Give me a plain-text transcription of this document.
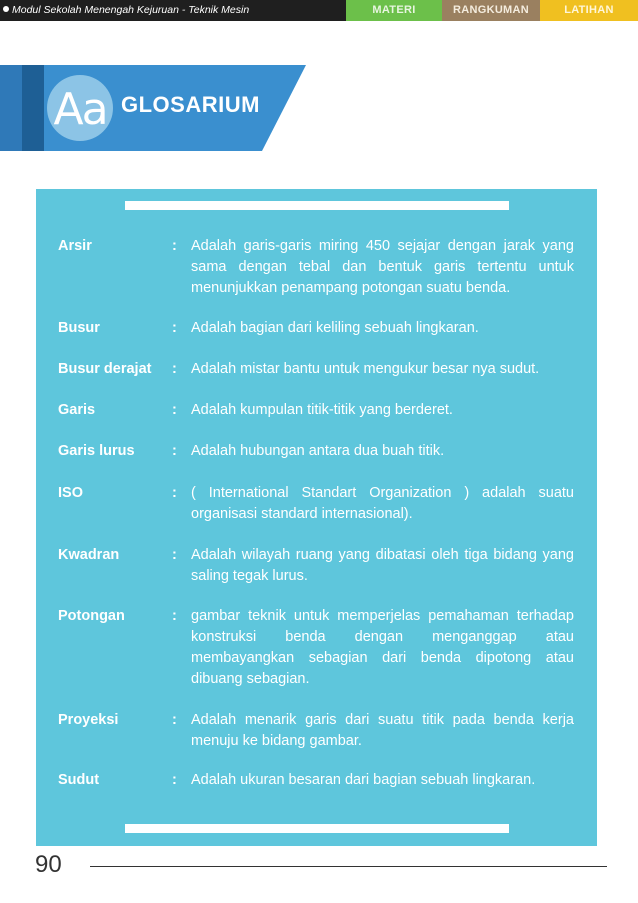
Modul Sekolah Menengah Kejuruan - Teknik Mesin	MATERI	RANGKUMAN	LATIHAN
Aa GLOSARIUM
Arsir	: Adalah garis-garis miring 450 sejajar dengan jarak yang sama dengan tebal dan bentuk garis tertentu untuk menunjukkan penampang potongan suatu benda.
Busur	: Adalah bagian dari keliling sebuah lingkaran.
Busur derajat	: Adalah mistar bantu untuk mengukur besar nya sudut.
Garis	: Adalah kumpulan titik-titik yang berderet.
Garis lurus	: Adalah hubungan antara dua buah titik.
ISO	: ( International Standart Organization ) adalah suatu organisasi standard internasional).
Kwadran	: Adalah wilayah ruang yang dibatasi oleh tiga bidang yang saling tegak lurus.
Potongan	: gambar teknik untuk memperjelas pemahaman terhadap konstruksi benda dengan menganggap atau membayangkan sebagian dari benda dipotong atau dibuang sebagian.
Proyeksi	: Adalah menarik garis dari suatu titik pada benda kerja menuju ke bidang gambar.
Sudut	: Adalah ukuran besaran dari bagian sebuah lingkaran.
90
